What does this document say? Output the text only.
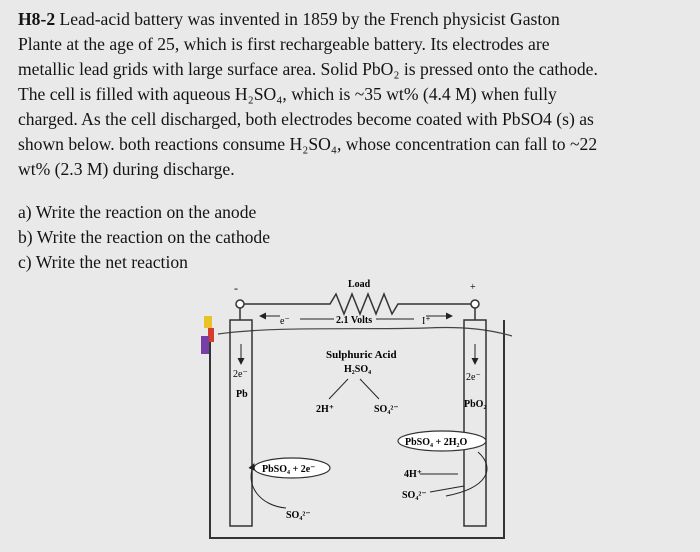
H8-2 Lead-acid battery was invented in 1859 by the French physicist Gaston

Plante at the age of 25, which is first rechargeable battery. Its electrodes are

metallic lead grids with large surface area. Solid PbO₂ is pressed onto the cathode.

The cell is filled with aqueous H₂SO₄, which is ~35 wt% (4.4 M) when fully

charged. As the cell discharged, both electrodes become coated with PbSO4 (s) as

shown below. both reactions consume H₂SO₄, whose concentration can fall to ~22

wt% (2.3 M) during discharge.

a) Write the reaction on the anode
b) Write the reaction on the cathode
c) Write the net reaction
-	+
Load
e⁻	2.1 Volts	I⁺
2e⁻
Pb
2e⁻
PbO₂
Sulphuric Acid
H₂SO₄
2H⁺	SO₄²⁻
PbSO₄ + 2e⁻
SO₄²⁻
PbSO₄ + 2H₂O
4H⁺
SO₄²⁻
